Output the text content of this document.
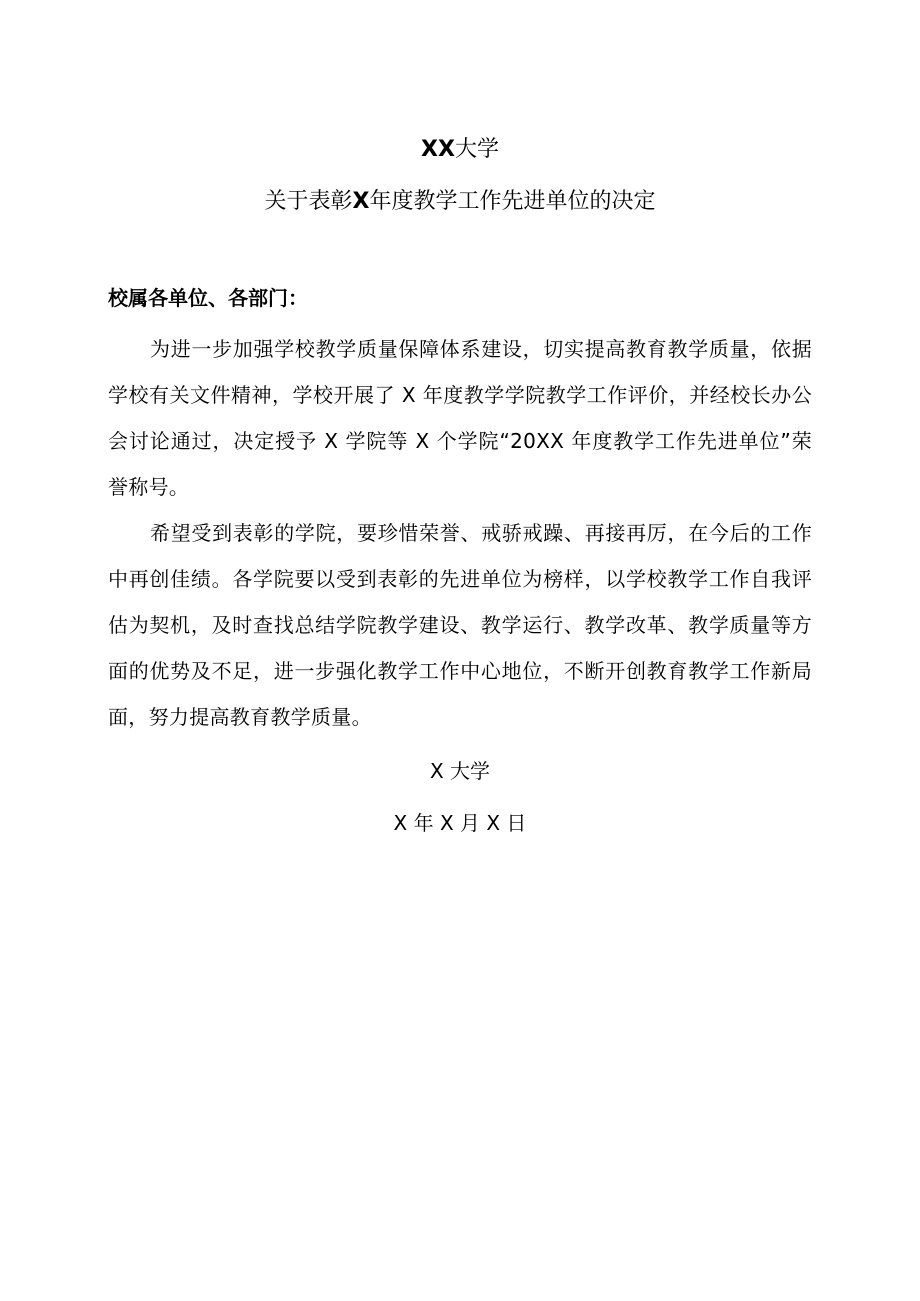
XX大学
关于表彰X年度教学工作先进单位的决定

校属各单位、各部门：

为进一步加强学校教学质量保障体系建设，切实提高教育教学质量，依据学校有关文件精神，学校开展了 X 年度教学学院教学工作评价，并经校长办公会讨论通过，决定授予 X 学院等 X 个学院“20XX 年度教学工作先进单位”荣誉称号。

希望受到表彰的学院，要珍惜荣誉、戒骄戒躁、再接再厉，在今后的工作中再创佳绩。各学院要以受到表彰的先进单位为榜样，以学校教学工作自我评估为契机，及时查找总结学院教学建设、教学运行、教学改革、教学质量等方面的优势及不足，进一步强化教学工作中心地位，不断开创教育教学工作新局面，努力提高教育教学质量。

X 大学
X 年 X 月 X 日
